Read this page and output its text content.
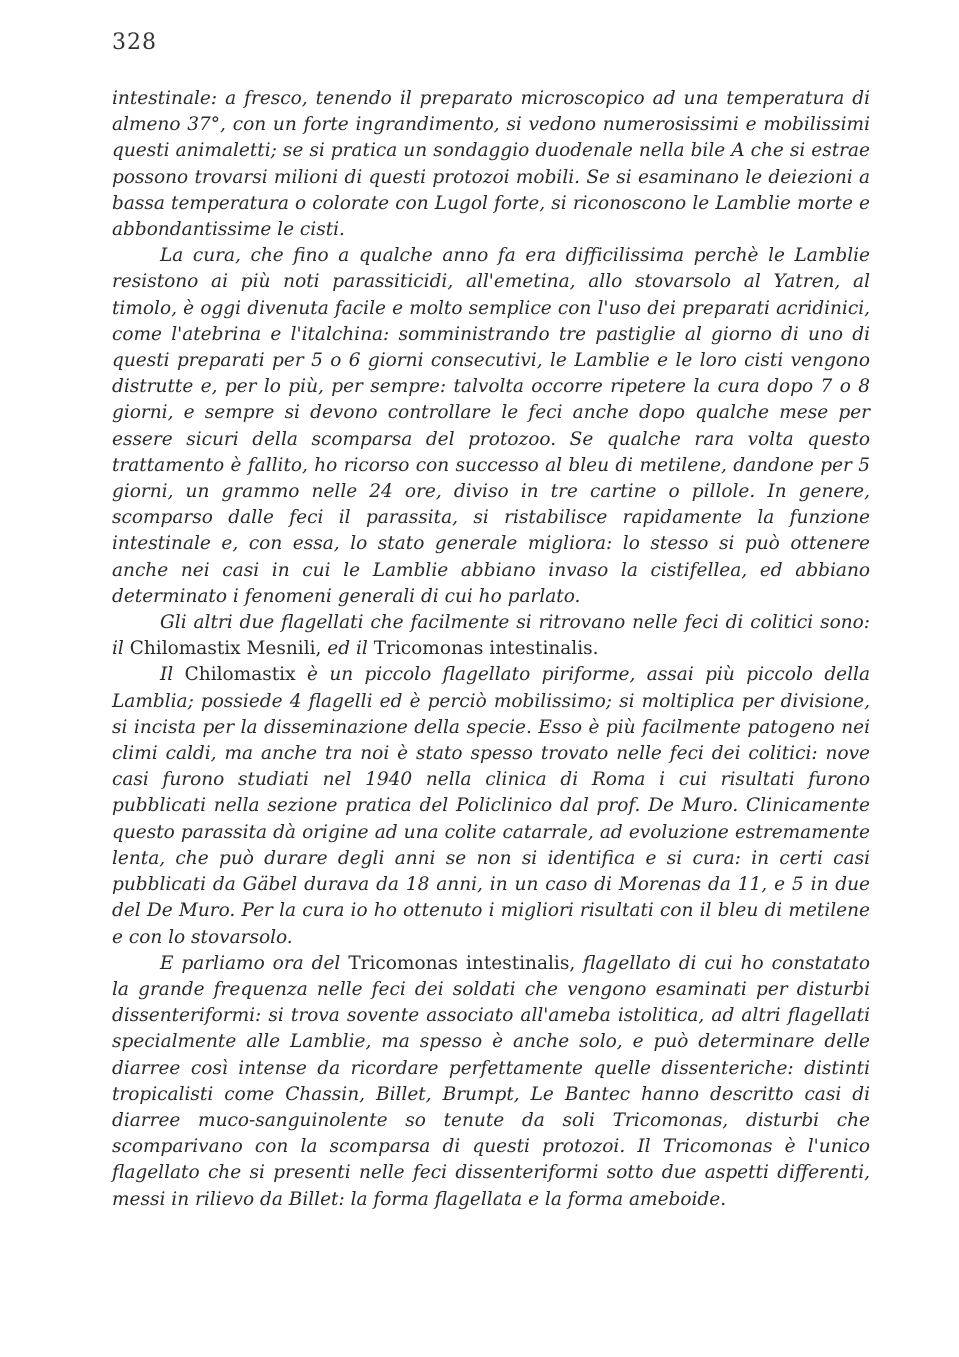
328

intestinale: a fresco, tenendo il preparato microscopico ad una temperatura di almeno 37°, con un forte ingrandimento, si vedono numerosissimi e mobilissimi questi animaletti; se si pratica un sondaggio duodenale nella bile A che si estrae possono trovarsi milioni di questi protozoi mobili. Se si esaminano le deiezioni a bassa temperatura o colorate con Lugol forte, si riconoscono le Lamblie morte e abbondantissime le cisti.

La cura, che fino a qualche anno fa era difficilissima perchè le Lamblie resistono ai più noti parassiticidi, all'emetina, allo stovarsolo al Yatren, al timolo, è oggi divenuta facile e molto semplice con l'uso dei preparati acridinici, come l'atebrina e l'italchina: somministrando tre pastiglie al giorno di uno di questi preparati per 5 o 6 giorni consecutivi, le Lamblie e le loro cisti vengono distrutte e, per lo più, per sempre: talvolta occorre ripetere la cura dopo 7 o 8 giorni, e sempre si devono controllare le feci anche dopo qualche mese per essere sicuri della scomparsa del protozoo. Se qualche rara volta questo trattamento è fallito, ho ricorso con successo al bleu di metilene, dandone per 5 giorni, un grammo nelle 24 ore, diviso in tre cartine o pillole. In genere, scomparso dalle feci il parassita, si ristabilisce rapidamente la funzione intestinale e, con essa, lo stato generale migliora: lo stesso si può ottenere anche nei casi in cui le Lamblie abbiano invaso la cistifellea, ed abbiano determinato i fenomeni generali di cui ho parlato.

Gli altri due flagellati che facilmente si ritrovano nelle feci di colitici sono: il Chilomastix Mesnili, ed il Tricomonas intestinalis.

Il Chilomastix è un piccolo flagellato piriforme, assai più piccolo della Lamblia; possiede 4 flagelli ed è perciò mobilissimo; si moltiplica per divisione, si incista per la disseminazione della specie. Esso è più facilmente patogeno nei climi caldi, ma anche tra noi è stato spesso trovato nelle feci dei colitici: nove casi furono studiati nel 1940 nella clinica di Roma i cui risultati furono pubblicati nella sezione pratica del Policlinico dal prof. De Muro. Clinicamente questo parassita dà origine ad una colite catarrale, ad evoluzione estremamente lenta, che può durare degli anni se non si identifica e si cura: in certi casi pubblicati da Gäbel durava da 18 anni, in un caso di Morenas da 11, e 5 in due del De Muro. Per la cura io ho ottenuto i migliori risultati con il bleu di metilene e con lo stovarsolo.

E parliamo ora del Tricomonas intestinalis, flagellato di cui ho constatato la grande frequenza nelle feci dei soldati che vengono esaminati per disturbi dissenteriformi: si trova sovente associato all'ameba istolitica, ad altri flagellati specialmente alle Lamblie, ma spesso è anche solo, e può determinare delle diarree così intense da ricordare perfettamente quelle dissenteriche: distinti tropicalisti come Chassin, Billet, Brumpt, Le Bantec hanno descritto casi di diarree muco-sanguinolente so tenute da soli Tricomonas, disturbi che scomparivano con la scomparsa di questi protozoi. Il Tricomonas è l'unico flagellato che si presenti nelle feci dissenteriformi sotto due aspetti differenti, messi in rilievo da Billet: la forma flagellata e la forma ameboide.
